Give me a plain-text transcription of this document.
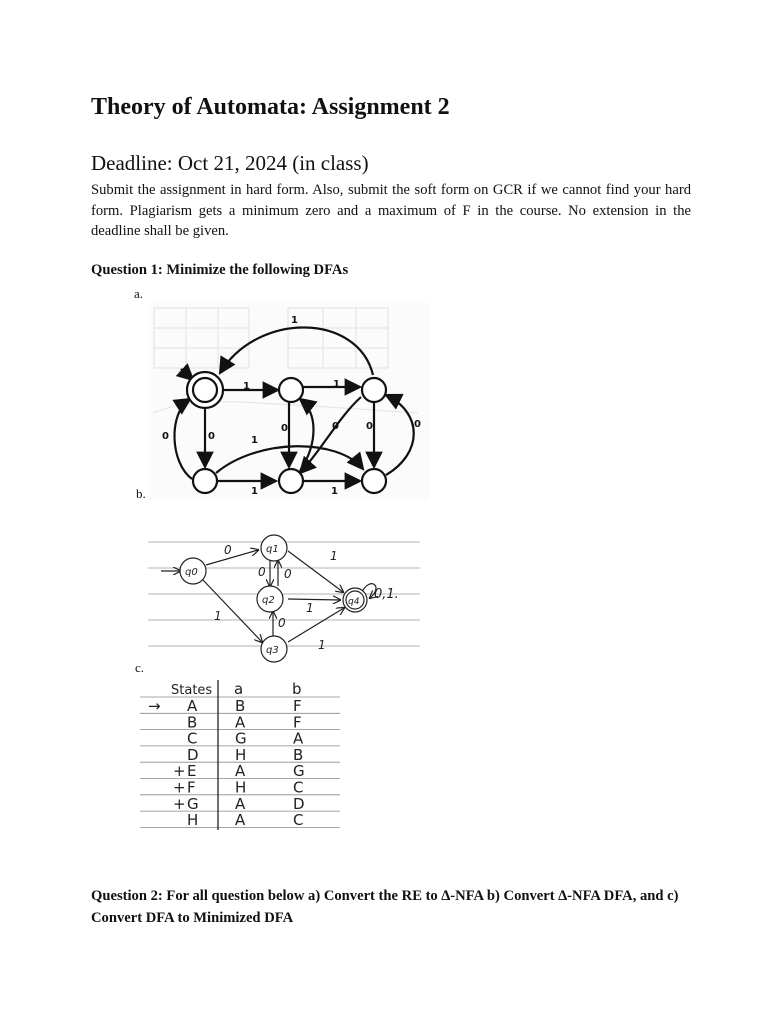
Theory of Automata: Assignment 2
Deadline: Oct 21, 2024 (in class)
Submit the assignment in hard form. Also, submit the soft form on GCR if we cannot find your hard form. Plagiarism gets a minimum zero and a maximum of F in the course. No extension in the deadline shall be given.
Question 1: Minimize the following DFAs
a.
b.
c.
1
1	1
0	0	1
0	0	0	0
1	1
q0
q1
q2
q3
q4
0
0 0
1
1
1
1
0
0,1.
States a	b
→ A	B	F
B	A	F
C	G	A
D H	B
+ E	A	G
+ F	H	C
+ G A	D
H A	C
Question 2: For all question below a) Convert the RE to ∆-NFA b) Convert ∆-NFA DFA, and c) Convert DFA to Minimized DFA
